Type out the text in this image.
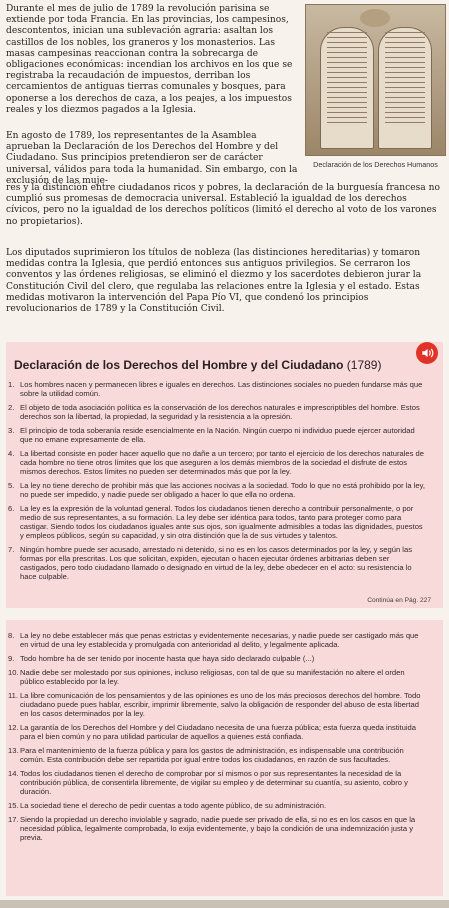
Durante el mes de julio de 1789 la revolución parisina se extiende por toda Francia. En las provincias, los campesinos, descontentos, inician una sublevación agraria: asaltan los castillos de los nobles, los graneros y los monasterios. Las masas campesinas reaccionan contra la sobrecarga de obligaciones económicas: incendian los archivos en los que se registraba la recaudación de impuestos, derriban los cercamientos de antiguas tierras comunales y bosques, para oponerse a los derechos de caza, a los peajes, a los impuestos reales y los diezmos pagados a la Iglesia.

En agosto de 1789, los representantes de la Asamblea aprueban la Declaración de los Derechos del Hombre y del Ciudadano. Sus principios pretendieron ser de carácter universal, válidos para toda la humanidad. Sin embargo, con la exclusión de las muje-

res y la distinción entre ciudadanos ricos y pobres, la declaración de la burguesía francesa no cumplió sus promesas de democracia universal. Estableció la igualdad de los derechos cívicos, pero no la igualdad de los derechos políticos (limitó el derecho al voto de los varones no propietarios).

Los diputados suprimieron los títulos de nobleza (las distinciones hereditarias) y tomaron medidas contra la Iglesia, que perdió entonces sus antiguos privilegios. Se cerraron los conventos y las órdenes religiosas, se eliminó el diezmo y los sacerdotes debieron jurar la Constitución Civil del clero, que regulaba las relaciones entre la Iglesia y el estado. Estas medidas motivaron la intervención del Papa Pío VI, que condenó los principios revolucionarios de 1789 y la Constitución Civil.

Declaración de los Derechos Humanos
Declaración de los Derechos del Hombre y del Ciudadano (1789)
1. Los hombres nacen y permanecen libres e iguales en derechos. Las distinciones sociales no pueden fundarse más que sobre la utilidad común.
2. El objeto de toda asociación política es la conservación de los derechos naturales e imprescriptibles del hombre. Estos derechos son la libertad, la propiedad, la seguridad y la resistencia a la opresión.
3. El principio de toda soberanía reside esencialmente en la Nación. Ningún cuerpo ni individuo puede ejercer autoridad que no emane expresamente de ella.
4. La libertad consiste en poder hacer aquello que no dañe a un tercero; por tanto el ejercicio de los derechos naturales de cada hombre no tiene otros límites que los que aseguren a los demás miembros de la sociedad el disfrute de estos mismos derechos. Estos límites no pueden ser determinados más que por la ley.
5. La ley no tiene derecho de prohibir más que las acciones nocivas a la sociedad. Todo lo que no está prohibido por la ley, no puede ser impedido, y nadie puede ser obligado a hacer lo que ella no ordena.
6. La ley es la expresión de la voluntad general. Todos los ciudadanos tienen derecho a contribuir personalmente, o por medio de sus representantes, a su formación. La ley debe ser idéntica para todos, tanto para proteger como para castigar. Siendo todos los ciudadanos iguales ante sus ojos, son igualmente admisibles a todas las dignidades, puestos y empleos públicos, según su capacidad, y sin otra distinción que la de sus virtudes y talentos.
7. Ningún hombre puede ser acusado, arrestado ni detenido, si no es en los casos determinados por la ley, y según las formas por ella prescritas. Los que solicitan, expiden, ejecutan o hacen ejecutar órdenes arbitrarias deben ser castigados, pero todo ciudadano llamado o designado en virtud de la ley, debe obedecer en el acto: su resistencia lo hace culpable.
Continúa en Pág. 227
8. La ley no debe establecer más que penas estrictas y evidentemente necesarias, y nadie puede ser castigado más que en virtud de una ley establecida y promulgada con anterioridad al delito, y legalmente aplicada.
9. Todo hombre ha de ser tenido por inocente hasta que haya sido declarado culpable (...)
10. Nadie debe ser molestado por sus opiniones, incluso religiosas, con tal de que su manifestación no altere el orden público establecido por la ley.
11. La libre comunicación de los pensamientos y de las opiniones es uno de los más preciosos derechos del hombre. Todo ciudadano puede pues hablar, escribir, imprimir libremente, salvo la obligación de responder del abuso de esta libertad en los casos determinados por la ley.
12. La garantía de los Derechos del Hombre y del Ciudadano necesita de una fuerza pública; esta fuerza queda instituida para el bien común y no para utilidad particular de aquellos a quienes está confiada.
13. Para el mantenimiento de la fuerza pública y para los gastos de administración, es indispensable una contribución común. Esta contribución debe ser repartida por igual entre todos los ciudadanos, en razón de sus facultades.
14. Todos los ciudadanos tienen el derecho de comprobar por sí mismos o por sus representantes la necesidad de la contribución pública, de consentirla libremente, de vigilar su empleo y de determinar su cuantía, su asiento, cobro y duración.
15. La sociedad tiene el derecho de pedir cuentas a todo agente público, de su administración.
17. Siendo la propiedad un derecho inviolable y sagrado, nadie puede ser privado de ella, si no es en los casos en que la necesidad pública, legalmente comprobada, lo exija evidentemente, y bajo la condición de una indemnización justa y previa.
